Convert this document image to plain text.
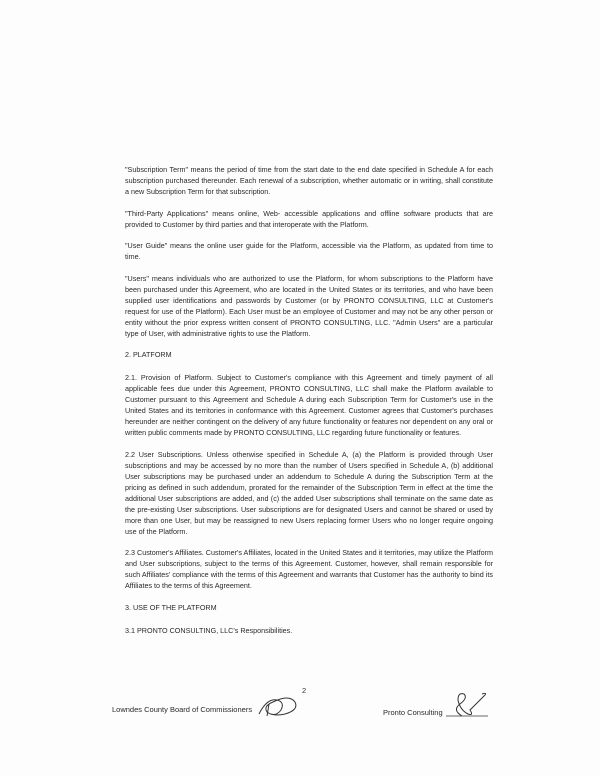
"Subscription Term" means the period of time from the start date to the end date specified in Schedule A for each subscription purchased thereunder. Each renewal of a subscription, whether automatic or in writing, shall constitute a new Subscription Term for that subscription.

"Third-Party Applications" means online, Web- accessible applications and offline software products that are provided to Customer by third parties and that interoperate with the Platform.

"User Guide" means the online user guide for the Platform, accessible via the Platform, as updated from time to time.

"Users" means individuals who are authorized to use the Platform, for whom subscriptions to the Platform have been purchased under this Agreement, who are located in the United States or its territories, and who have been supplied user identifications and passwords by Customer (or by PRONTO CONSULTING, LLC at Customer's request for use of the Platform). Each User must be an employee of Customer and may not be any other person or entity without the prior express written consent of PRONTO CONSULTING, LLC. "Admin Users" are a particular type of User, with administrative rights to use the Platform.

2. PLATFORM

2.1. Provision of Platform. Subject to Customer's compliance with this Agreement and timely payment of all applicable fees due under this Agreement, PRONTO CONSULTING, LLC shall make the Platform available to Customer pursuant to this Agreement and Schedule A during each Subscription Term for Customer's use in the United States and its territories in conformance with this Agreement. Customer agrees that Customer's purchases hereunder are neither contingent on the delivery of any future functionality or features nor dependent on any oral or written public comments made by PRONTO CONSULTING, LLC regarding future functionality or features.

2.2 User Subscriptions. Unless otherwise specified in Schedule A, (a) the Platform is provided through User subscriptions and may be accessed by no more than the number of Users specified in Schedule A, (b) additional User subscriptions may be purchased under an addendum to Schedule A during the Subscription Term at the pricing as defined in such addendum, prorated for the remainder of the Subscription Term in effect at the time the additional User subscriptions are added, and (c) the added User subscriptions shall terminate on the same date as the pre-existing User subscriptions. User subscriptions are for designated Users and cannot be shared or used by more than one User, but may be reassigned to new Users replacing former Users who no longer require ongoing use of the Platform.

2.3 Customer's Affiliates. Customer's Affiliates, located in the United States and it territories, may utilize the Platform and User subscriptions, subject to the terms of this Agreement. Customer, however, shall remain responsible for such Affiliates' compliance with the terms of this Agreement and warrants that Customer has the authority to bind its Affiliates to the terms of this Agreement.

3. USE OF THE PLATFORM

3.1 PRONTO CONSULTING, LLC's Responsibilities.

2
Lowndes County Board of Commissioners	Pronto Consulting
